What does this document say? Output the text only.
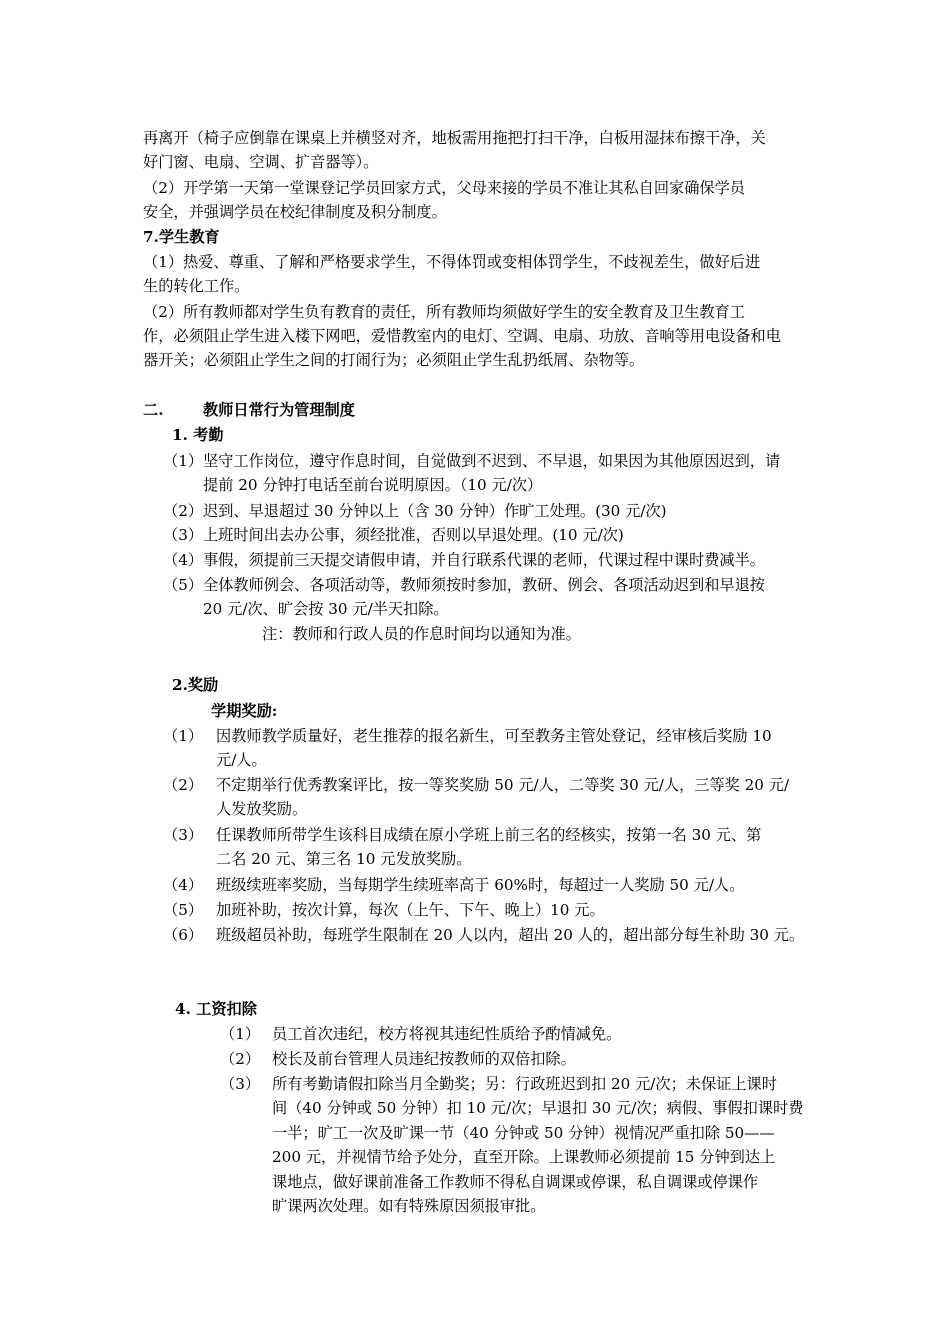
再离开（椅子应倒靠在课桌上并横竖对齐，地板需用拖把打扫干净，白板用湿抹布擦干净，关
好门窗、电扇、空调、扩音器等）。
（2）开学第一天第一堂课登记学员回家方式，父母来接的学员不准让其私自回家确保学员
安全，并强调学员在校纪律制度及积分制度。
7.学生教育
（1）热爱、尊重、了解和严格要求学生，不得体罚或变相体罚学生，不歧视差生，做好后进
生的转化工作。
（2）所有教师都对学生负有教育的责任，所有教师均须做好学生的安全教育及卫生教育工
作，必须阻止学生进入楼下网吧，爱惜教室内的电灯、空调、电扇、功放、音响等用电设备和电
器开关；必须阻止学生之间的打闹行为；必须阻止学生乱扔纸屑、杂物等。
二.	教师日常行为管理制度
1. 考勤
（1） 坚守工作岗位，遵守作息时间，自觉做到不迟到、不早退，如果因为其他原因迟到，请
提前 20 分钟打电话至前台说明原因。（10 元/次）
（2） 迟到、早退超过 30 分钟以上（含 30 分钟）作旷工处理。(30 元/次)
（3） 上班时间出去办公事，须经批准，否则以早退处理。(10 元/次)
（4） 事假，须提前三天提交请假申请，并自行联系代课的老师，代课过程中课时费减半。
（5） 全体教师例会、各项活动等，教师须按时参加，教研、例会、各项活动迟到和早退按
20 元/次、旷会按 30 元/半天扣除。
注：教师和行政人员的作息时间均以通知为准。
2.奖励
学期奖励:
（1） 因教师教学质量好，老生推荐的报名新生，可至教务主管处登记，经审核后奖励 10
元/人。
（2） 不定期举行优秀教案评比，按一等奖奖励 50 元/人，二等奖 30 元/人，三等奖 20 元/
人发放奖励。
（3） 任课教师所带学生该科目成绩在原小学班上前三名的经核实，按第一名 30 元、第
二名 20 元、第三名 10 元发放奖励。
（4） 班级续班率奖励，当每期学生续班率高于 60%时，每超过一人奖励 50 元/人。
（5） 加班补助，按次计算，每次（上午、下午、晚上）10 元。
（6） 班级超员补助，每班学生限制在 20 人以内，超出 20 人的，超出部分每生补助 30 元。
4. 工资扣除
（1） 员工首次违纪，校方将视其违纪性质给予酌情减免。
（2） 校长及前台管理人员违纪按教师的双倍扣除。
（3） 所有考勤请假扣除当月全勤奖；另：行政班迟到扣 20 元/次；未保证上课时
间（40 分钟或 50 分钟）扣 10 元/次；早退扣 30 元/次；病假、事假扣课时费
一半；旷工一次及旷课一节（40 分钟或 50 分钟）视情况严重扣除 50——
200 元，并视情节给予处分，直至开除。上课教师必须提前 15 分钟到达上
课地点，做好课前准备工作教师不得私自调课或停课，私自调课或停课作
旷课两次处理。如有特殊原因须报审批。
